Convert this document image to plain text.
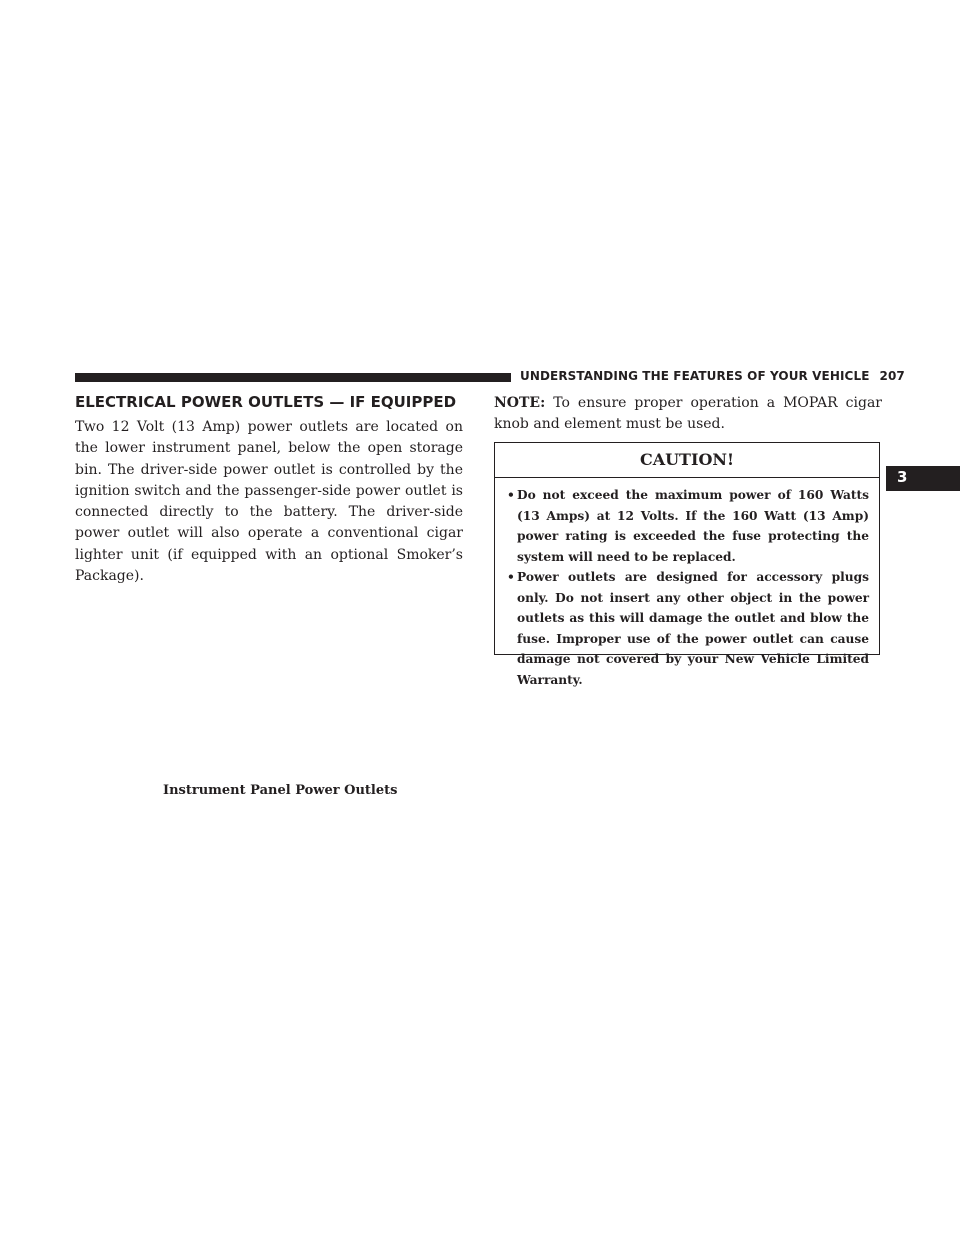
UNDERSTANDING THE FEATURES OF YOUR VEHICLE 207
ELECTRICAL POWER OUTLETS — IF EQUIPPED

Two 12 Volt (13 Amp) power outlets are located on the lower instrument panel, below the open storage bin. The driver-side power outlet is controlled by the ignition switch and the passenger-side power outlet is connected directly to the battery. The driver-side power outlet will also operate a conventional cigar lighter unit (if equipped with an optional Smoker’s Package).

Instrument Panel Power Outlets

NOTE: To ensure proper operation a MOPAR cigar knob and element must be used.

CAUTION!
• Do not exceed the maximum power of 160 Watts (13 Amps) at 12 Volts. If the 160 Watt (13 Amp) power rating is exceeded the fuse protecting the system will need to be replaced.
• Power outlets are designed for accessory plugs only. Do not insert any other object in the power outlets as this will damage the outlet and blow the fuse. Improper use of the power outlet can cause damage not covered by your New Vehicle Limited Warranty.
3
